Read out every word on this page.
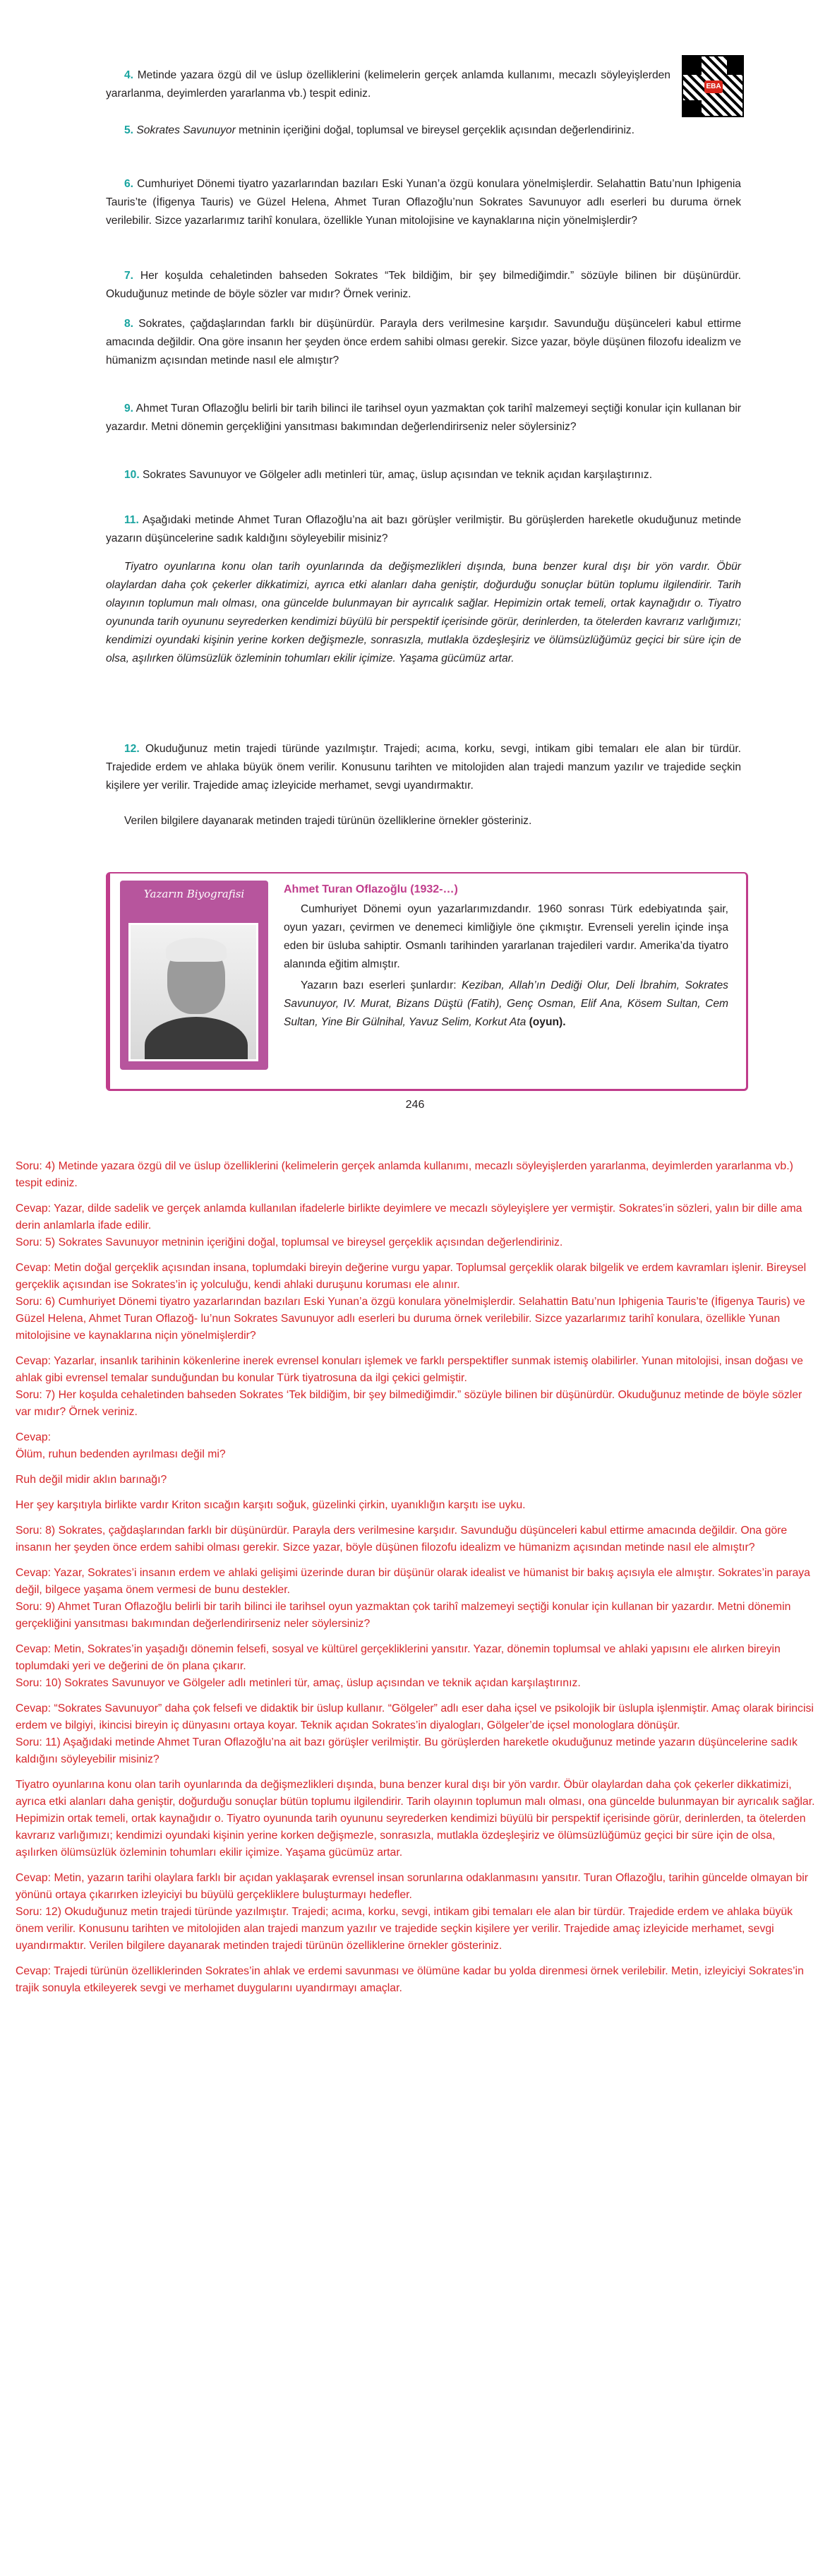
EBA

4. Metinde yazara özgü dil ve üslup özelliklerini (kelimelerin gerçek anlamda kullanımı, mecazlı söyleyişlerden yararlanma, deyimlerden yararlanma vb.) tespit ediniz.

5. Sokrates Savunuyor metninin içeriğini doğal, toplumsal ve bireysel gerçeklik açısından değerlendiriniz.

6. Cumhuriyet Dönemi tiyatro yazarlarından bazıları Eski Yunan’a özgü konulara yönelmişlerdir. Selahattin Batu’nun Iphigenia Tauris’te (İfigenya Tauris) ve Güzel Helena, Ahmet Turan Oflazoğlu’nun Sokrates Savunuyor adlı eserleri bu duruma örnek verilebilir. Sizce yazarlarımız tarihî konulara, özellikle Yunan mitolojisine ve kaynaklarına niçin yönelmişlerdir?

7. Her koşulda cehaletinden bahseden Sokrates “Tek bildiğim, bir şey bilmediğimdir.” sözüyle bilinen bir düşünürdür. Okuduğunuz metinde de böyle sözler var mıdır? Örnek veriniz.

8. Sokrates, çağdaşlarından farklı bir düşünürdür. Parayla ders verilmesine karşıdır. Savunduğu düşünceleri kabul ettirme amacında değildir. Ona göre insanın her şeyden önce erdem sahibi olması gerekir. Sizce yazar, böyle düşünen filozofu idealizm ve hümanizm açısından metinde nasıl ele almıştır?

9. Ahmet Turan Oflazoğlu belirli bir tarih bilinci ile tarihsel oyun yazmaktan çok tarihî malzemeyi seçtiği konular için kullanan bir yazardır. Metni dönemin gerçekliğini yansıtması bakımından değerlendirirseniz neler söylersiniz?

10. Sokrates Savunuyor ve Gölgeler adlı metinleri tür, amaç, üslup açısından ve teknik açıdan karşılaştırınız.

11. Aşağıdaki metinde Ahmet Turan Oflazoğlu’na ait bazı görüşler verilmiştir. Bu görüşlerden hareketle okuduğunuz metinde yazarın düşüncelerine sadık kaldığını söyleyebilir misiniz?

Tiyatro oyunlarına konu olan tarih oyunlarında da değişmezlikleri dışında, buna benzer kural dışı bir yön vardır. Öbür olaylardan daha çok çekerler dikkatimizi, ayrıca etki alanları daha geniştir, doğurduğu sonuçlar bütün toplumu ilgilendirir. Tarih olayının toplumun malı olması, ona güncelde bulunmayan bir ayrıcalık sağlar. Hepimizin ortak temeli, ortak kaynağıdır o. Tiyatro oyununda tarih oyununu seyrederken kendimizi büyülü bir perspektif içerisinde görür, derinlerden, ta ötelerden kavrarız varlığımızı; kendimizi oyundaki kişinin yerine korken değişmezle, sonrasızla, mutlakla özdeşleşiriz ve ölümsüzlüğümüz geçici bir süre için de olsa, aşılırken ölümsüzlük özleminin tohumları ekilir içimize. Yaşama gücümüz artar.

12. Okuduğunuz metin trajedi türünde yazılmıştır. Trajedi; acıma, korku, sevgi, intikam gibi temaları ele alan bir türdür. Trajedide erdem ve ahlaka büyük önem verilir. Konusunu tarihten ve mitolojiden alan trajedi manzum yazılır ve trajedide seçkin kişilere yer verilir. Trajedide amaç izleyicide merhamet, sevgi uyandırmaktır.

Verilen bilgilere dayanarak metinden trajedi türünün özelliklerine örnekler gösteriniz.

Yazarın Biyografisi	Ahmet Turan Oflazoğlu (1932-…)

Cumhuriyet Dönemi oyun yazarlarımızdandır. 1960 sonrası Türk edebiyatında şair, oyun yazarı, çevirmen ve denemeci kimliğiyle öne çıkmıştır. Evrenseli yerelin içinde inşa eden bir üsluba sahiptir. Osmanlı tarihinden yararlanan trajedileri vardır. Amerika’da tiyatro alanında eğitim almıştır.

Yazarın bazı eserleri şunlardır: Keziban, Allah’ın Dediği Olur, Deli İbrahim, Sokrates Savunuyor, IV. Murat, Bizans Düştü (Fatih), Genç Osman, Elif Ana, Kösem Sultan, Cem Sultan, Yine Bir Gülnihal, Yavuz Selim, Korkut Ata (oyun).

246

Soru: 4) Metinde yazara özgü dil ve üslup özelliklerini (kelimelerin gerçek anlamda kullanımı, mecazlı söyleyişlerden yararlanma, deyimlerden yararlanma vb.) tespit ediniz.

Cevap: Yazar, dilde sadelik ve gerçek anlamda kullanılan ifadelerle birlikte deyimlere ve mecazlı söyleyişlere yer vermiştir. Sokrates’in sözleri, yalın bir dille ama derin anlamlarla ifade edilir.

Soru: 5) Sokrates Savunuyor metninin içeriğini doğal, toplumsal ve bireysel gerçeklik açısından değerlendiriniz.

Cevap: Metin doğal gerçeklik açısından insana, toplumdaki bireyin değerine vurgu yapar. Toplumsal gerçeklik olarak bilgelik ve erdem kavramları işlenir. Bireysel gerçeklik açısından ise Sokrates’in iç yolculuğu, kendi ahlaki duruşunu koruması ele alınır.

Soru: 6) Cumhuriyet Dönemi tiyatro yazarlarından bazıları Eski Yunan’a özgü konulara yönelmişlerdir. Selahattin Batu’nun Iphigenia Tauris’te (İfigenya Tauris) ve Güzel Helena, Ahmet Turan Oflazoğ- lu’nun Sokrates Savunuyor adlı eserleri bu duruma örnek verilebilir. Sizce yazarlarımız tarihî konulara, özellikle Yunan mitolojisine ve kaynaklarına niçin yönelmişlerdir?

Cevap: Yazarlar, insanlık tarihinin kökenlerine inerek evrensel konuları işlemek ve farklı perspektifler sunmak istemiş olabilirler. Yunan mitolojisi, insan doğası ve ahlak gibi evrensel temalar sunduğundan bu konular Türk tiyatrosuna da ilgi çekici gelmiştir.

Soru: 7) Her koşulda cehaletinden bahseden Sokrates ‘Tek bildiğim, bir şey bilmediğimdir.” sözüyle bilinen bir düşünürdür. Okuduğunuz metinde de böyle sözler var mıdır? Örnek veriniz.

Cevap:

Ölüm, ruhun bedenden ayrılması değil mi?

Ruh değil midir aklın barınağı?

Her şey karşıtıyla birlikte vardır Kriton sıcağın karşıtı soğuk, güzelinki çirkin, uyanıklığın karşıtı ise uyku.

Soru: 8) Sokrates, çağdaşlarından farklı bir düşünürdür. Parayla ders verilmesine karşıdır. Savunduğu düşünceleri kabul ettirme amacında değildir. Ona göre insanın her şeyden önce erdem sahibi olması gerekir. Sizce yazar, böyle düşünen filozofu idealizm ve hümanizm açısından metinde nasıl ele almıştır?

Cevap: Yazar, Sokrates’i insanın erdem ve ahlaki gelişimi üzerinde duran bir düşünür olarak idealist ve hümanist bir bakış açısıyla ele almıştır. Sokrates’in paraya değil, bilgece yaşama önem vermesi de bunu destekler.

Soru: 9) Ahmet Turan Oflazoğlu belirli bir tarih bilinci ile tarihsel oyun yazmaktan çok tarihî malzemeyi seçtiği konular için kullanan bir yazardır. Metni dönemin gerçekliğini yansıtması bakımından değerlendirirseniz neler söylersiniz?

Cevap: Metin, Sokrates’in yaşadığı dönemin felsefi, sosyal ve kültürel gerçekliklerini yansıtır. Yazar, dönemin toplumsal ve ahlaki yapısını ele alırken bireyin toplumdaki yeri ve değerini de ön plana çıkarır.

Soru: 10) Sokrates Savunuyor ve Gölgeler adlı metinleri tür, amaç, üslup açısından ve teknik açıdan karşılaştırınız.

Cevap: “Sokrates Savunuyor” daha çok felsefi ve didaktik bir üslup kullanır. “Gölgeler” adlı eser daha içsel ve psikolojik bir üslupla işlenmiştir. Amaç olarak birincisi erdem ve bilgiyi, ikincisi bireyin iç dünyasını ortaya koyar. Teknik açıdan Sokrates’in diyalogları, Gölgeler’de içsel monologlara dönüşür.

Soru: 11) Aşağıdaki metinde Ahmet Turan Oflazoğlu’na ait bazı görüşler verilmiştir. Bu görüşlerden hareketle okuduğunuz metinde yazarın düşüncelerine sadık kaldığını söyleyebilir misiniz?

Tiyatro oyunlarına konu olan tarih oyunlarında da değişmezlikleri dışında, buna benzer kural dışı bir yön vardır. Öbür olaylardan daha çok çekerler dikkatimizi, ayrıca etki alanları daha geniştir, doğurduğu sonuçlar bütün toplumu ilgilendirir. Tarih olayının toplumun malı olması, ona güncelde bulunmayan bir ayrıcalık sağlar. Hepimizin ortak temeli, ortak kaynağıdır o. Tiyatro oyununda tarih oyununu seyrederken kendimizi büyülü bir perspektif içerisinde görür, derinlerden, ta ötelerden kavrarız varlığımızı; kendimizi oyundaki kişinin yerine korken değişmezle, sonrasızla, mutlakla özdeşleşiriz ve ölümsüzlüğümüz geçici bir süre için de olsa, aşılırken ölümsüzlük özleminin tohumları ekilir içimize. Yaşama gücümüz artar.

Cevap: Metin, yazarın tarihi olaylara farklı bir açıdan yaklaşarak evrensel insan sorunlarına odaklanmasını yansıtır. Turan Oflazoğlu, tarihin güncelde olmayan bir yönünü ortaya çıkarırken izleyiciyi bu büyülü gerçekliklere buluşturmayı hedefler.

Soru: 12) Okuduğunuz metin trajedi türünde yazılmıştır. Trajedi; acıma, korku, sevgi, intikam gibi temaları ele alan bir türdür. Trajedide erdem ve ahlaka büyük önem verilir. Konusunu tarihten ve mitolojiden alan trajedi manzum yazılır ve trajedide seçkin kişilere yer verilir. Trajedide amaç izleyicide merhamet, sevgi uyandırmaktır. Verilen bilgilere dayanarak metinden trajedi türünün özelliklerine örnekler gösteriniz.

Cevap: Trajedi türünün özelliklerinden Sokrates’in ahlak ve erdemi savunması ve ölümüne kadar bu yolda direnmesi örnek verilebilir. Metin, izleyiciyi Sokrates’in trajik sonuyla etkileyerek sevgi ve merhamet duygularını uyandırmayı amaçlar.
